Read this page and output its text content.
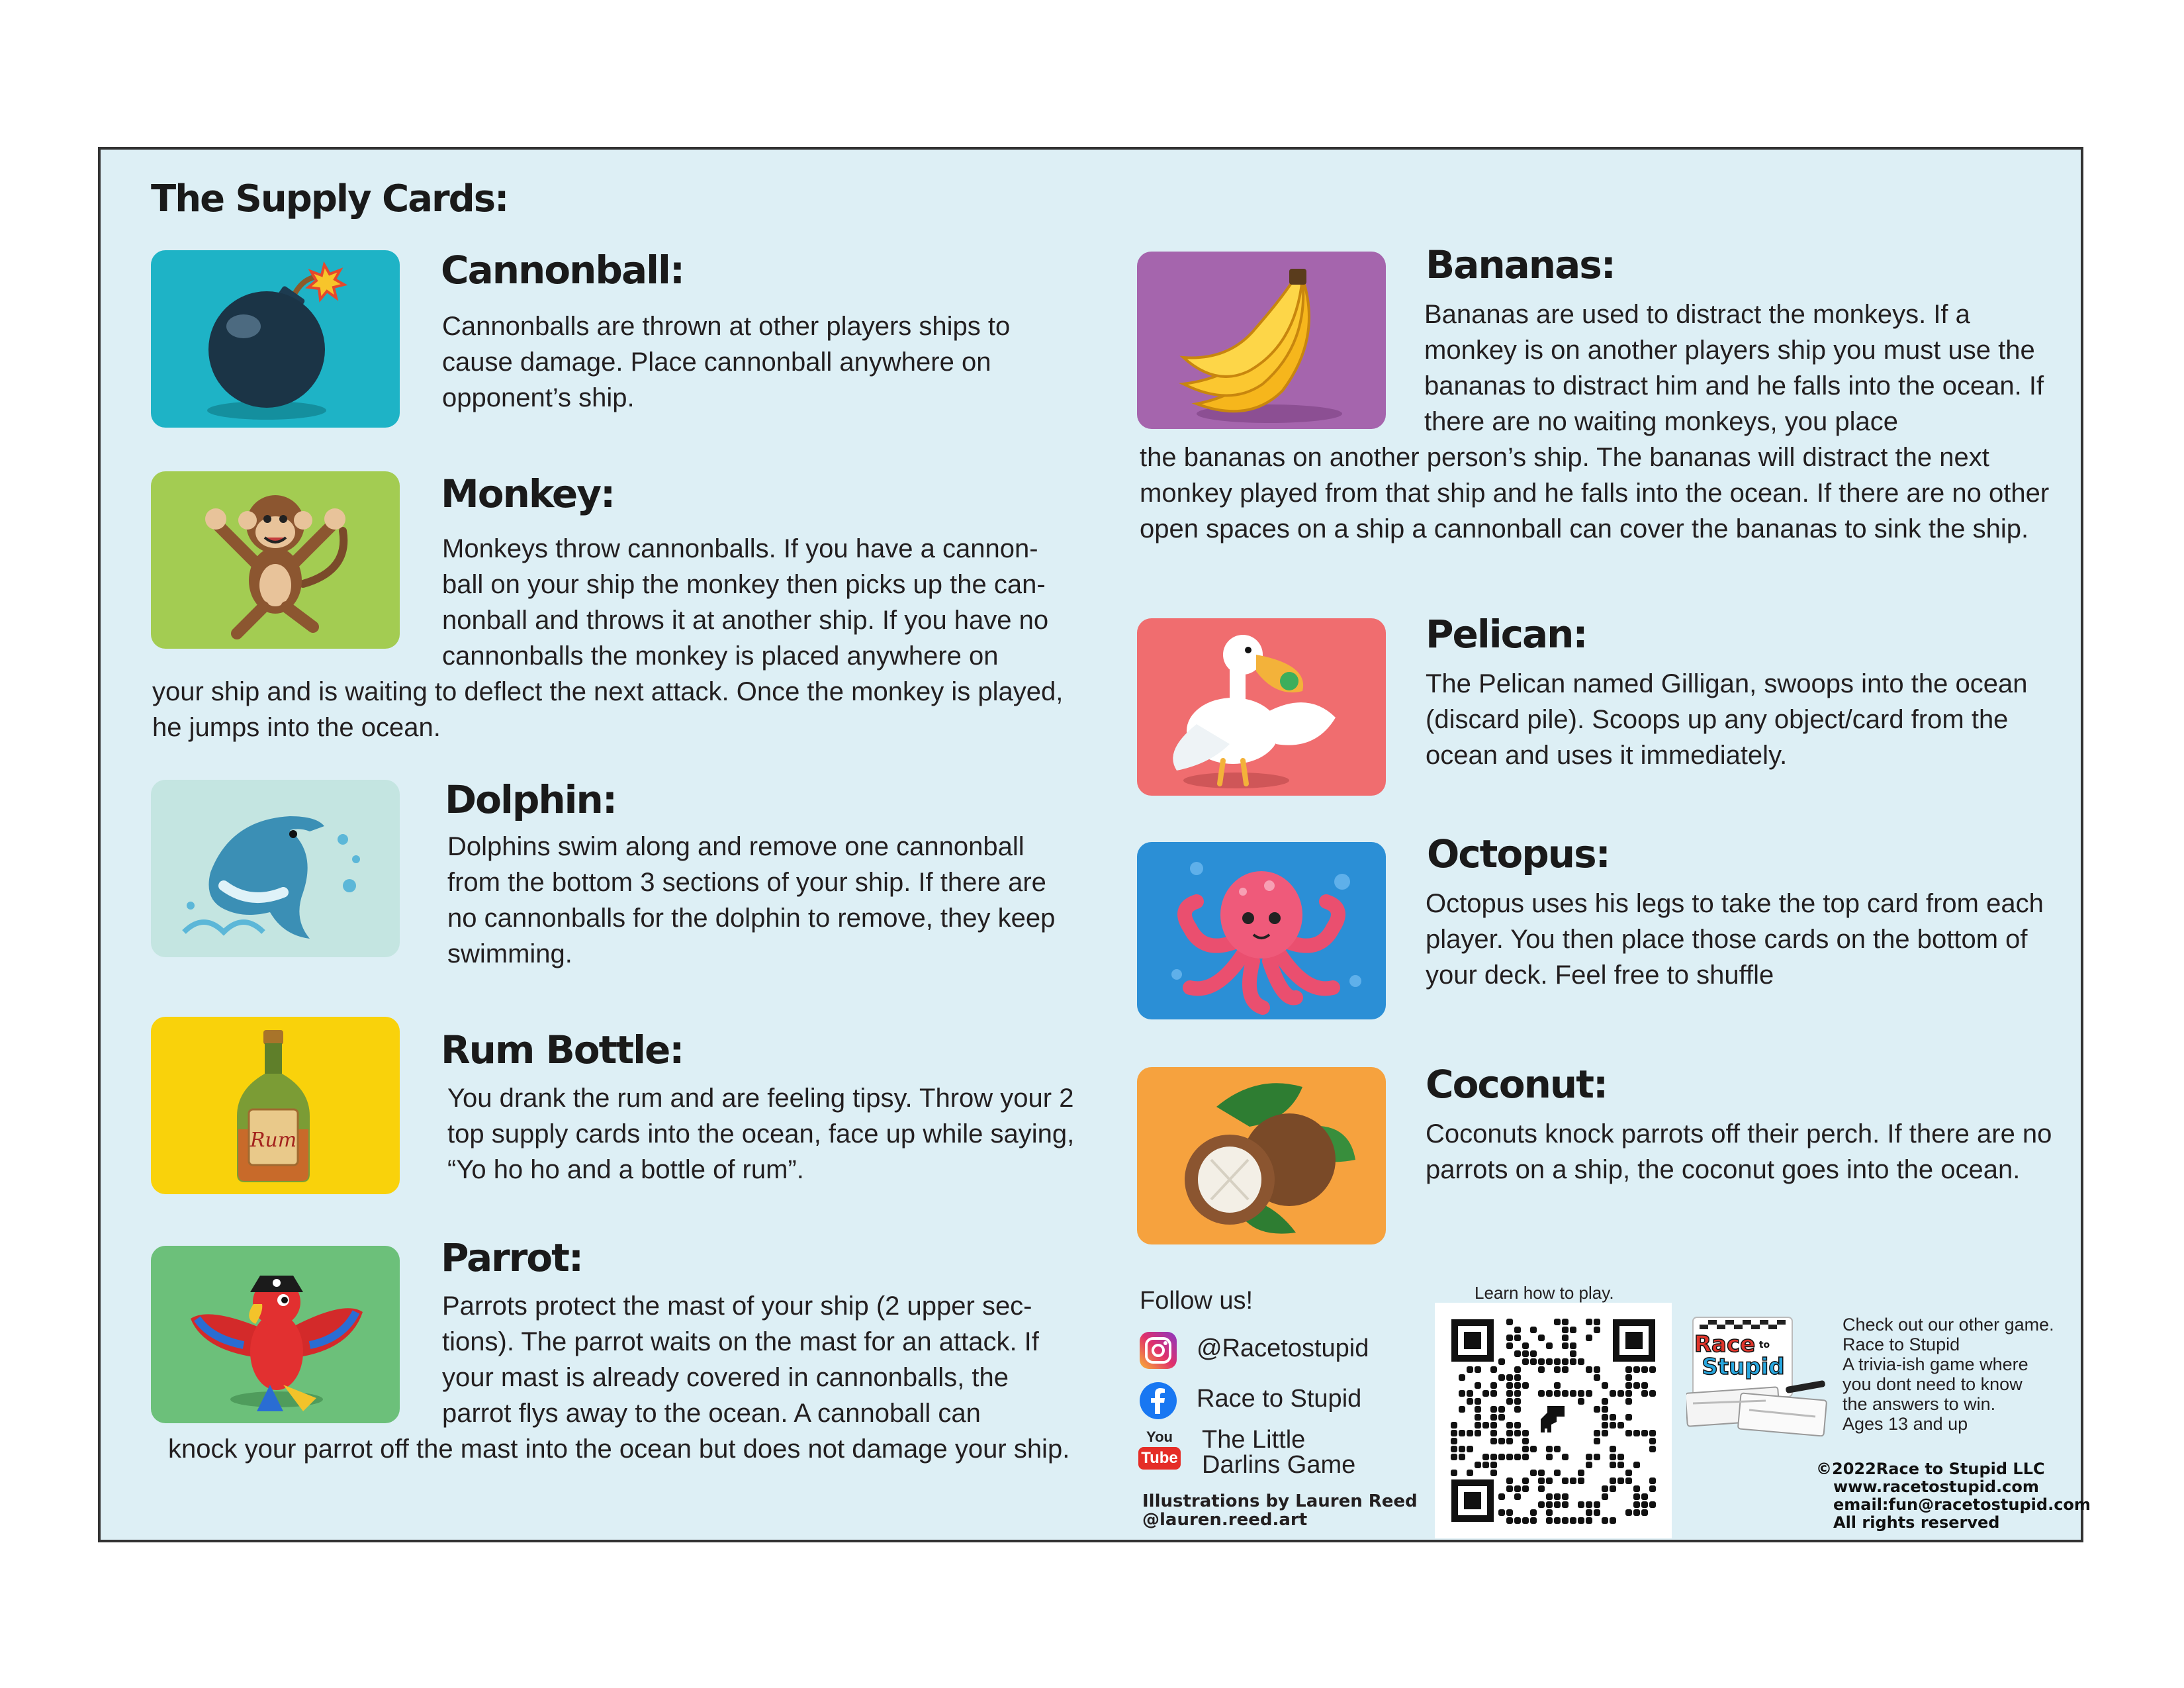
The Supply Cards:
Cannonball:

Cannonballs are thrown at other players ships to cause damage. Place cannonball anywhere on opponent’s ship.

Monkey:

Monkeys throw cannonballs. If you have a cannon-ball on your ship the monkey then picks up the can-nonball and throws it at another ship. If you have no cannonballs the monkey is placed anywhere on

your ship and is waiting to deflect the next attack. Once the monkey is played, he jumps into the ocean.

Dolphin:

Dolphins swim along and remove one cannonball from the bottom 3 sections of your ship. If there are no cannonballs for the dolphin to remove, they keep swimming.

Rum
Rum Bottle:

You drank the rum and are feeling tipsy. Throw your 2 top supply cards into the ocean, face up while saying, “Yo ho ho and a bottle of rum”.

Parrot:

Parrots protect the mast of your ship (2 upper sec-tions). The parrot waits on the mast for an attack. If your mast is already covered in cannonballs, the parrot flys away to the ocean. A cannoball can

knock your parrot off the mast into the ocean but does not damage your ship.

Bananas:

Bananas are used to distract the monkeys. If a monkey is on another players ship you must use the bananas to distract him and he falls into the ocean. If there are no waiting monkeys, you place

the bananas on another person’s ship. The bananas will distract the next monkey played from that ship and he falls into the ocean. If there are no other open spaces on a ship a cannonball can cover the bananas to sink the ship.

Pelican:

The Pelican named Gilligan, swoops into the ocean (discard pile). Scoops up any object/card from the ocean and uses it immediately.

Octopus:

Octopus uses his legs to take the top card from each player. You then place those cards on the bottom of your deck. Feel free to shuffle

Coconut:

Coconuts knock parrots off their perch. If there are no parrots on a ship, the coconut goes into the ocean.

Follow us!
@Racetostupid
Race to Stupid
You
Tube
The Little
Darlins Game
Illustrations by Lauren Reed
@lauren.reed.art
Learn how to play.
Race to
Stupid
Check out our other game.
Race to Stupid
A trivia-ish game where
you dont need to know
the answers to win.
Ages 13 and up
©2022Race to Stupid LLC
www.racetostupid.com
email:fun@racetostupid.com
All rights reserved
